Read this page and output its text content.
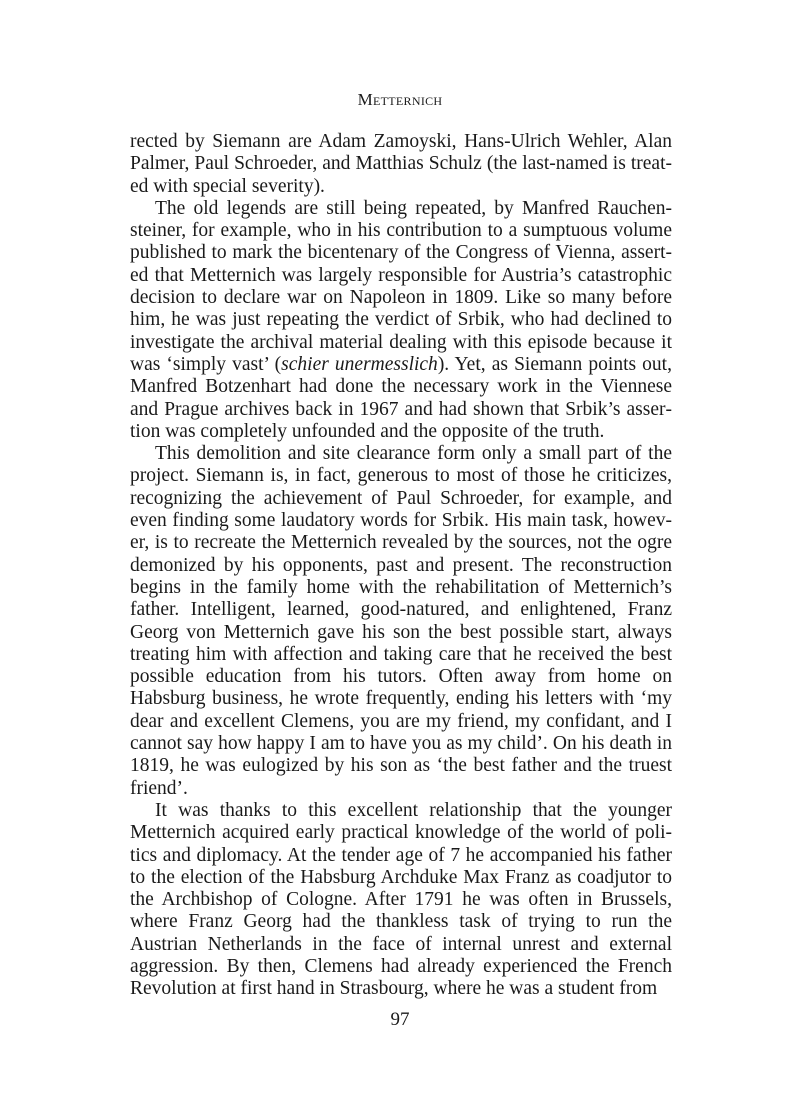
Metternich

rected by Siemann are Adam Zamoyski, Hans-Ulrich Wehler, Alan Palmer, Paul Schroeder, and Matthias Schulz (the last-named is treated with special severity).

The old legends are still being repeated, by Manfred Rauchensteiner, for example, who in his contribution to a sumptuous volume published to mark the bicentenary of the Congress of Vienna, asserted that Metternich was largely responsible for Austria’s catastrophic decision to declare war on Napoleon in 1809. Like so many before him, he was just repeating the verdict of Srbik, who had declined to investigate the archival material dealing with this episode because it was ‘simply vast’ (schier unermesslich). Yet, as Siemann points out, Manfred Botzenhart had done the necessary work in the Viennese and Prague archives back in 1967 and had shown that Srbik’s assertion was completely unfounded and the opposite of the truth.

This demolition and site clearance form only a small part of the project. Siemann is, in fact, generous to most of those he criticizes, recognizing the achievement of Paul Schroeder, for example, and even finding some laudatory words for Srbik. His main task, however, is to recreate the Metternich revealed by the sources, not the ogre demonized by his opponents, past and present. The reconstruction begins in the family home with the rehabilitation of Metternich’s father. Intelligent, learned, good-natured, and enlightened, Franz Georg von Metternich gave his son the best possible start, always treating him with affection and taking care that he received the best possible education from his tutors. Often away from home on Habsburg business, he wrote frequently, ending his letters with ‘my dear and excellent Clemens, you are my friend, my confidant, and I cannot say how happy I am to have you as my child’. On his death in 1819, he was eulogized by his son as ‘the best father and the truest friend’.

It was thanks to this excellent relationship that the younger Metternich acquired early practical knowledge of the world of politics and diplomacy. At the tender age of 7 he accompanied his father to the election of the Habsburg Archduke Max Franz as coadjutor to the Archbishop of Cologne. After 1791 he was often in Brussels, where Franz Georg had the thankless task of trying to run the Austrian Netherlands in the face of internal unrest and external aggression. By then, Clemens had already experienced the French Revolution at first hand in Strasbourg, where he was a student from

97
